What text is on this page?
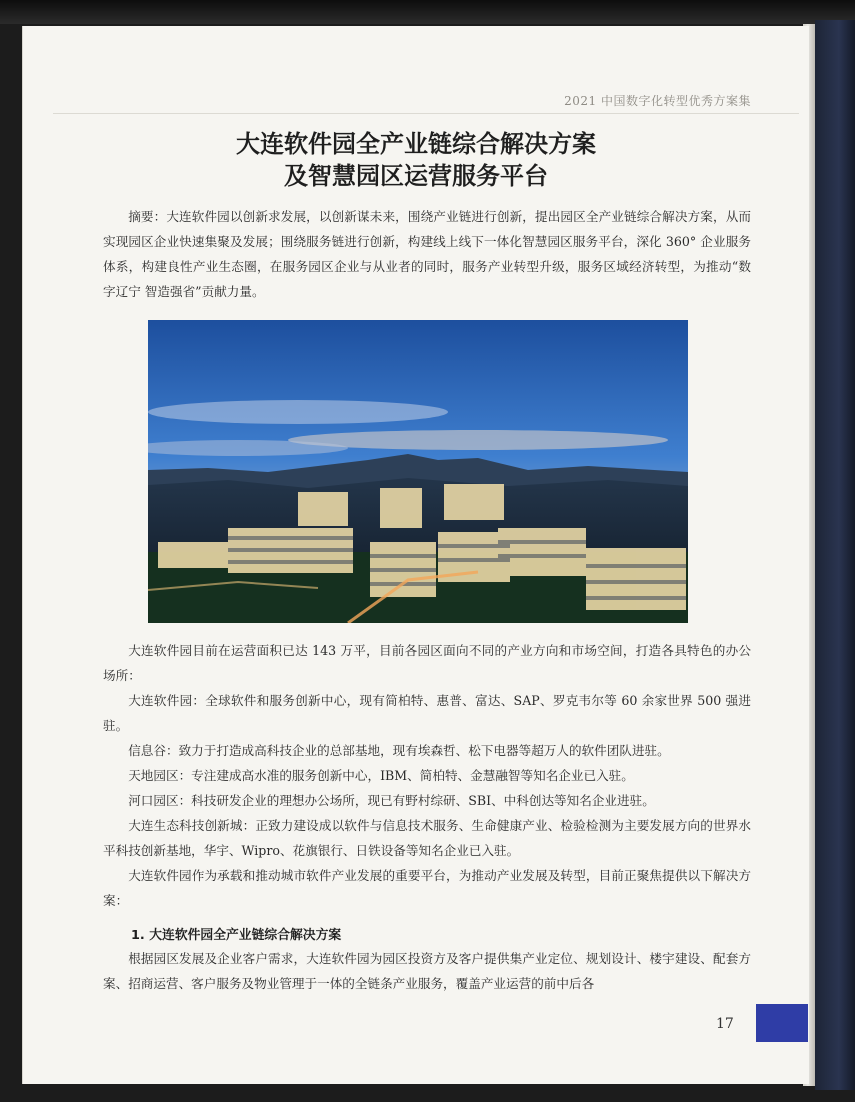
2021 中国数字化转型优秀方案集
大连软件园全产业链综合解决方案
及智慧园区运营服务平台
摘要：大连软件园以创新求发展，以创新谋未来，围绕产业链进行创新，提出园区全产业链综合解决方案，从而实现园区企业快速集聚及发展；围绕服务链进行创新，构建线上线下一体化智慧园区服务平台，深化 360° 企业服务体系，构建良性产业生态圈，在服务园区企业与从业者的同时，服务产业转型升级，服务区域经济转型，为推动“数字辽宁 智造强省”贡献力量。
大连软件园目前在运营面积已达 143 万平，目前各园区面向不同的产业方向和市场空间，打造各具特色的办公场所：
大连软件园：全球软件和服务创新中心，现有简柏特、惠普、富达、SAP、罗克韦尔等 60 余家世界 500 强进驻。
信息谷：致力于打造成高科技企业的总部基地，现有埃森哲、松下电器等超万人的软件团队进驻。
天地园区：专注建成高水准的服务创新中心，IBM、简柏特、金慧融智等知名企业已入驻。
河口园区：科技研发企业的理想办公场所，现已有野村综研、SBI、中科创达等知名企业进驻。
大连生态科技创新城：正致力建设成以软件与信息技术服务、生命健康产业、检验检测为主要发展方向的世界水平科技创新基地，华宇、Wipro、花旗银行、日铁设备等知名企业已入驻。
大连软件园作为承载和推动城市软件产业发展的重要平台，为推动产业发展及转型，目前正聚焦提供以下解决方案：
1. 大连软件园全产业链综合解决方案
根据园区发展及企业客户需求，大连软件园为园区投资方及客户提供集产业定位、规划设计、楼宇建设、配套方案、招商运营、客户服务及物业管理于一体的全链条产业服务，覆盖产业运营的前中后各
17
